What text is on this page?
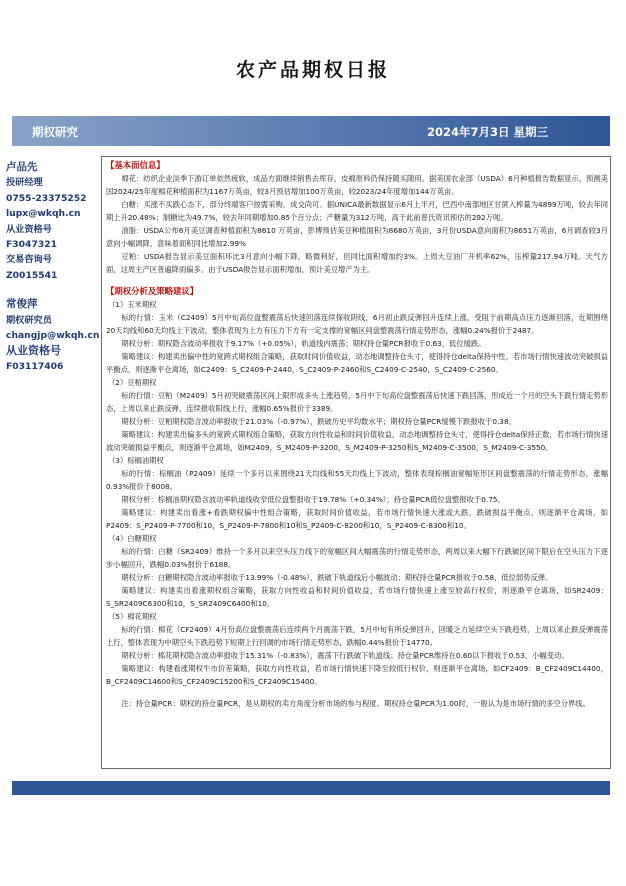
农产品期权日报
期权研究	2024年7月3日 星期三
卢品先
投研经理
0755-23375252
lupx@wkqh.cn
从业资格号
F3047321
交易咨询号
Z0015541
常俊萍
期权研究员
changjp@wkqh.cn
从业资格号
F03117406

【基本面信息】

棉花：纺织企业淡季下游订单依然疲软，成品方面继续销售去库存，皮棉原料仍保持随买随用。据美国农业部（USDA）6月种植报告数据显示，预测美国2024/25年度棉花种植面积为1167万英亩，较3月预估增加100万英亩，较2023/24年度增加144万英亩。

白糖：买涨不买跌心态下，部分终端客户按需采购，成交尚可。据UNICA最新数据显示6月上半月，巴西中南部地区甘蔗入榨量为4899万吨，较去年同期上升20.48%；制糖比为49.7%，较去年同期增加0.85个百分点；产糖量为312万吨，高于此前普氏资讯预估的292万吨。

油脂：USDA公布6月美豆调查种植面积为8610 万英亩，彭博预估美豆种植面积为8680万英亩，3月份USDA意向面积为8651万英亩，6月调查较3月意向小幅调降，意味着面积同比增加2.99%

豆粕：USDA报告显示美豆面积环比3月意向小幅下降，略微利好，但同比面积增加约3%。上周大豆油厂开机率62%，压榨量217.94万吨。天气方面，这周主产区普遍降雨偏多。由于USDA报告显示面积增加，预计美豆增产为主。

【期权分析及策略建议】

（1）玉米期权

标的行情：玉米（C2409）5月中旬高位盘整震荡后快速回落连续探收阴线，6月初止跌反弹回升连续上涨，受阻于前期高点压力逐渐回落，近期围绕20天均线和60天均线上下波动，整体表现为上方有压力下方有一定支撑的宽幅区间盘整震荡行情走势形态，涨幅0.24%报价于2487。

期权分析：期权隐含波动率报收于9.17%（+0.05%），轨道线内震荡；期权持仓量PCR报收于0.63，低位缓跌。

策略建议：构建卖出偏中性的宽跨式期权组合策略，获取时间价值收益，动态地调整持仓头寸，使得持仓delta保持中性，若市场行情快速波动突破损益平衡点，则逐渐平仓离场，如C2409：S_C2409-P-2440，S_C2409-P-2460和S_C2409-C-2540，S_C2409-C-2560。

（2）豆粕期权

标的行情：豆粕（M2409）5月初突破震荡区间上限形成多头上涨趋势，5月中下旬高位盘整震荡后快速下跌回落，形成近一个月的空头下跌行情走势形态，上周以来止跌反弹，连续报收阳线上行，涨幅0.65%报价于3389。

期权分析：豆粕期权隐含波动率报收于21.03%（-0.97%），跌破历史平均数水平；期权持仓量PCR缓慢下跌报收于0.38。

策略建议：构建卖出偏多头的宽跨式期权组合策略，获取方向性收益和时间价值收益，动态地调整持仓头寸，使得持仓delta保持正数，若市场行情快速波动突破损益平衡点，则逐渐平仓离场，如M2409，S_M2409-P-3200，S_M2409-P-3250和S_M2409-C-3500，S_M2409-C-3550。

（3）棕榈油期权

标的行情：棕榈油（P2409）延续一个多月以来围绕21天均线和55天均线上下波动，整体表现棕榈油宽幅矩形区间盘整震荡的行情走势形态，涨幅0.93%报价于8008。

期权分析：棕榈油期权隐含波动率轨道线收窄低位盘整报收于19.78%（+0.34%）；持仓量PCR低位盘整报收于0.75。

策略建议：构建卖出看涨+看跌期权偏中性组合策略，获取时间价值收益，若市场行情快速大涨或大跌，跌破损益平衡点，则逐渐平仓离场，如P2409：S_P2409-P-7700和10，S_P2409-P-7800和10和S_P2409-C-8200和10，S_P2409-C-8300和10。

（4）白糖期权

标的行情：白糖（SR2409）维持一个多月以来空头压力线下的宽幅区间大幅震荡的行情走势形态，两周以来大幅下行跌破区间下限后在空头压力下逐步小幅回升，跌幅0.03%报价于6188。

期权分析：白糖期权隐含波动率报收于13.99%（-0.48%），跌破下轨道线后小幅波动；期权持仓量PCR报收于0.58，低位弱势反弹。

策略建议：构建卖出看涨期权组合策略，获取方向性收益和时间价值收益，若市场行情快速上涨至较高行权价，则逐渐平仓离场，如SR2409：S_SR2409C6300和10，S_SR2409C6400和10。

（5）棉花期权

标的行情：棉花（CF2409）4月份高位盘整震荡后连续两个月震荡下跌，5月中旬有所反弹回升，回暖乏力延续空头下跌趋势，上周以来止跌反弹震荡上行，整体表现为中期空头下跌趋势下短期上行回调的市场行情走势形态，跌幅0.44%报价于14770。

期权分析：棉花期权隐含波动率报收于15.31%（-0.83%），震荡下行跌破下轨道线；持仓量PCR维持在0.60以下报收于0.53，小幅变动。

策略建议：构建看涨期权牛市价差策略，获取方向性收益，若市场行情快速下降至较低行权价，则逐渐平仓离场，如CF2409：B_CF2409C14400，B_CF2409C14600和S_CF2409C15200和S_CF2409C15400。

注：持仓量PCR：期权的持仓量PCR，是从期权的卖方角度分析市场的参与程度。期权持仓量PCR为1.00时，一般认为是市场行情的多空分界线。
